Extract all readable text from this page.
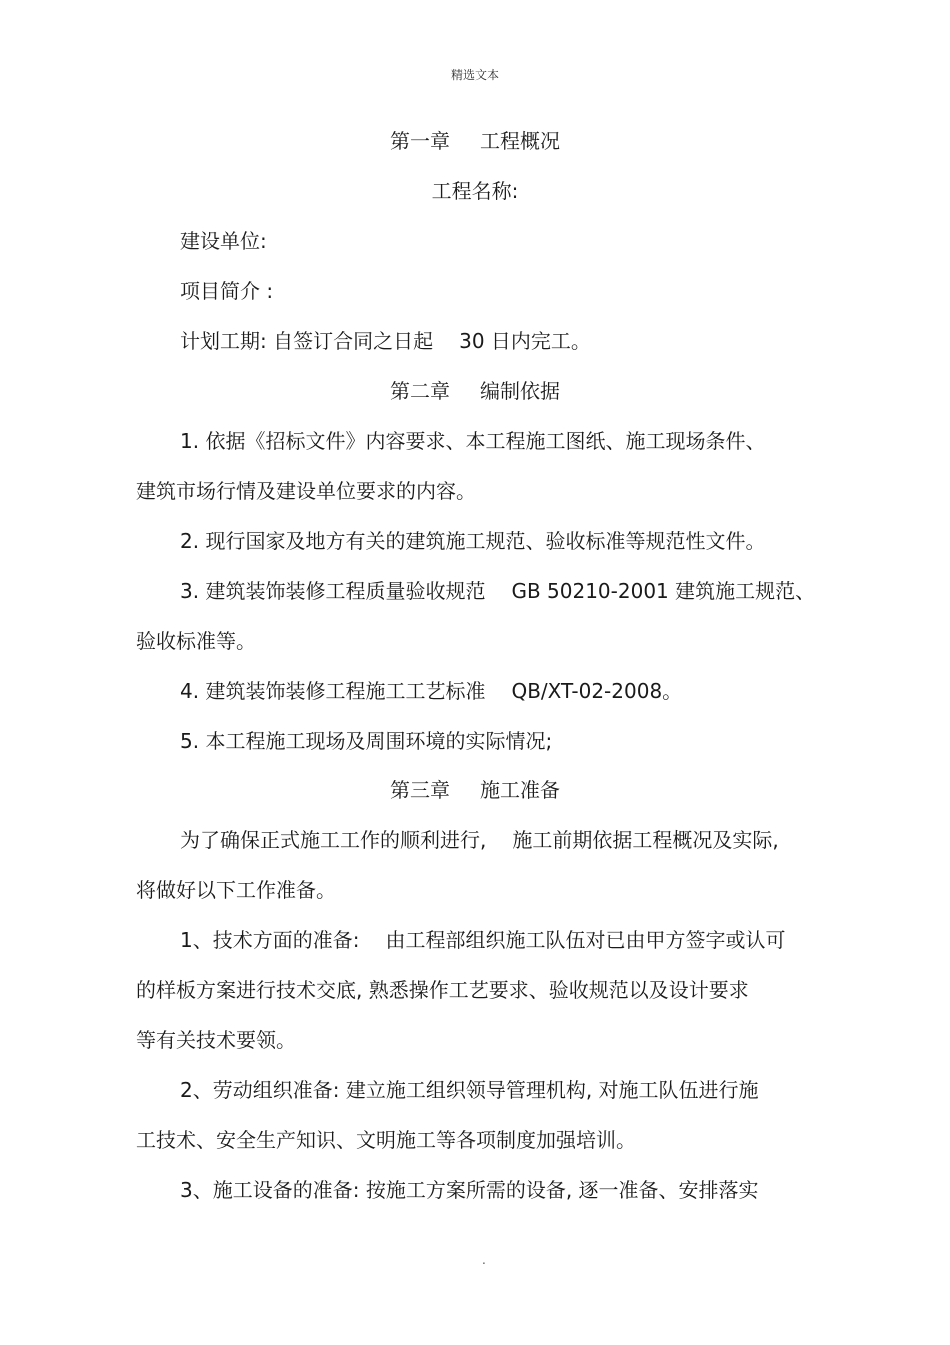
精选文本
第一章 工程概况
工程名称:
建设单位:
项目简介 :
计划工期: 自签订合同之日起 30 日内完工。
第二章 编制依据
1. 依据《招标文件》内容要求、本工程施工图纸、施工现场条件、
建筑市场行情及建设单位要求的内容。
2. 现行国家及地方有关的建筑施工规范、验收标准等规范性文件。
3. 建筑装饰装修工程质量验收规范 GB 50210-2001 建筑施工规范、
验收标准等。
4. 建筑装饰装修工程施工工艺标准 QB/XT-02-2008。
5. 本工程施工现场及周围环境的实际情况;
第三章 施工准备
为了确保正式施工工作的顺利进行, 施工前期依据工程概况及实际,
将做好以下工作准备。
1、技术方面的准备: 由工程部组织施工队伍对已由甲方签字或认可
的样板方案进行技术交底, 熟悉操作工艺要求、验收规范以及设计要求
等有关技术要领。
2、劳动组织准备: 建立施工组织领导管理机构, 对施工队伍进行施
工技术、安全生产知识、文明施工等各项制度加强培训。
3、施工设备的准备: 按施工方案所需的设备, 逐一准备、安排落实
.
